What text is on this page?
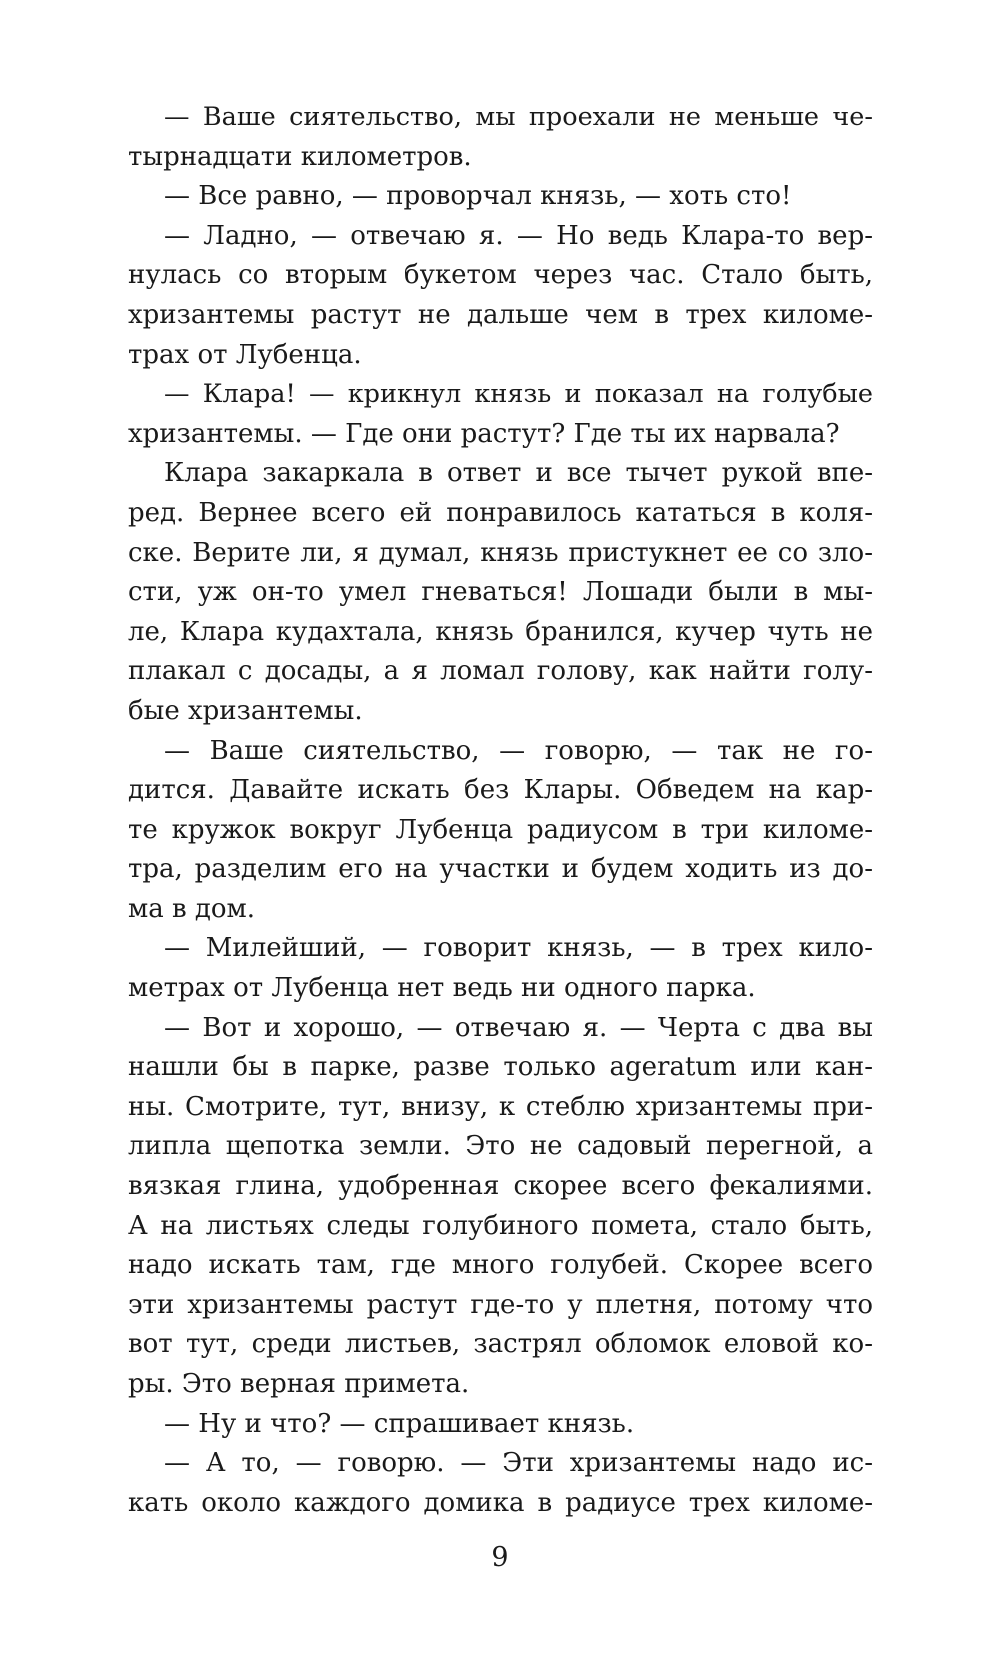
— Ваше сиятельство, мы проехали не меньше че-
тырнадцати километров.
— Все равно, — проворчал князь, — хоть сто!
— Ладно, — отвечаю я. — Но ведь Клара-то вер-
нулась со вторым букетом через час. Стало быть,
хризантемы растут не дальше чем в трех киломе-
трах от Лубенца.
— Клара! — крикнул князь и показал на голубые
хризантемы. — Где они растут? Где ты их нарвала?
Клара закаркала в ответ и все тычет рукой впе-
ред. Вернее всего ей понравилось кататься в коля-
ске. Верите ли, я думал, князь пристукнет ее со зло-
сти, уж он-то умел гневаться! Лошади были в мы-
ле, Клара кудахтала, князь бранился, кучер чуть не
плакал с досады, а я ломал голову, как найти голу-
бые хризантемы.
— Ваше сиятельство, — говорю, — так не го-
дится. Давайте искать без Клары. Обведем на кар-
те кружок вокруг Лубенца радиусом в три киломе-
тра, разделим его на участки и будем ходить из до-
ма в дом.
— Милейший, — говорит князь, — в трех кило-
метрах от Лубенца нет ведь ни одного парка.
— Вот и хорошо, — отвечаю я. — Черта с два вы
нашли бы в парке, разве только ageratum или кан-
ны. Смотрите, тут, внизу, к стеблю хризантемы при-
липла щепотка земли. Это не садовый перегной, а
вязкая глина, удобренная скорее всего фекалиями.
А на листьях следы голубиного помета, стало быть,
надо искать там, где много голубей. Скорее всего
эти хризантемы растут где-то у плетня, потому что
вот тут, среди листьев, застрял обломок еловой ко-
ры. Это верная примета.
— Ну и что? — спрашивает князь.
— А то, — говорю. — Эти хризантемы надо ис-
кать около каждого домика в радиусе трех киломе-
9
